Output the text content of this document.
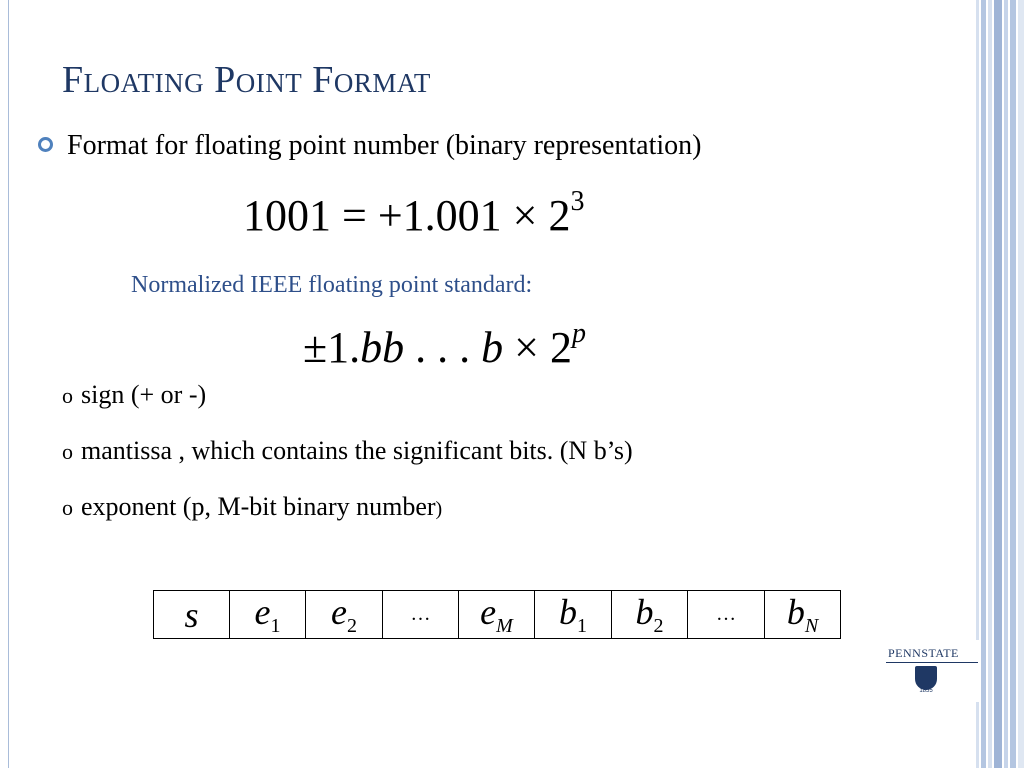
Floating Point Format
Format for floating point number (binary representation)
$1001 = +1.001 \times 2^3$
Normalized IEEE floating point standard:
±1.bb . . . $b \times 2^p$
o sign (+ or -)
o mantissa , which contains the significant bits. (N b’s)
o exponent (p, M-bit binary number)
s	$e_1$	$e_2$	…	$e_M$	$b_1$	$b_2$	…	$b_N$
PENNSTATE
1855
